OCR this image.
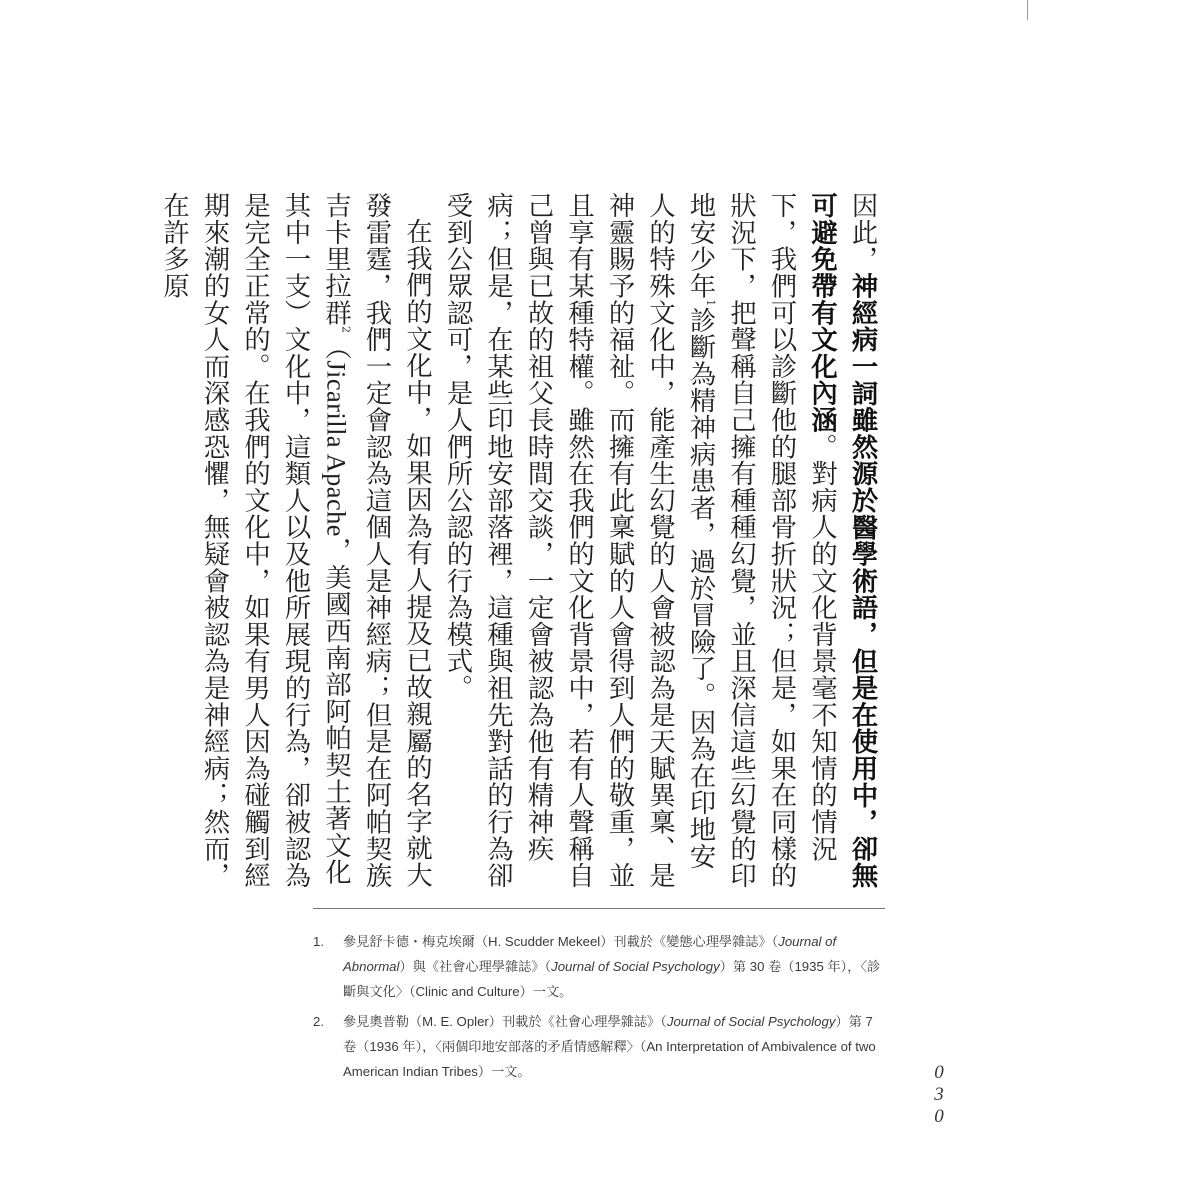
因此，神經病一詞雖然源於醫學術語，但是在使用中，卻無可避免帶有文化內涵。對病人的文化背景毫不知情的情況下，我們可以診斷他的腿部骨折狀況；但是，如果在同樣的狀況下，把聲稱自己擁有種種幻覺，並且深信這些幻覺的印地安少年$^1$診斷為精神病患者，過於冒險了。因為在印地安人的特殊文化中，能產生幻覺的人會被認為是天賦異稟、是神靈賜予的福祉。而擁有此稟賦的人會得到人們的敬重，並且享有某種特權。雖然在我們的文化背景中，若有人聲稱自己曾與已故的祖父長時間交談，一定會被認為他有精神疾病；但是，在某些印地安部落裡，這種與祖先對話的行為卻受到公眾認可，是人們所公認的行為模式。

在我們的文化中，如果因為有人提及已故親屬的名字就大發雷霆，我們一定會認為這個人是神經病；但是在阿帕契族吉卡里拉群$^2$（Jicarilla Apache，美國西南部阿帕契土著文化其中一支）文化中，這類人以及他所展現的行為，卻被認為是完全正常的。在我們的文化中，如果有男人因為碰觸到經期來潮的女人而深感恐懼，無疑會被認為是神經病；然而，在許多原

1.	參見舒卡德・梅克埃爾（H. Scudder Mekeel）刊載於《變態心理學雜誌》（Journal of Abnormal）與《社會心理學雜誌》（Journal of Social Psychology）第 30 卷（1935 年），〈診斷與文化〉（Clinic and Culture）一文。
2.	參見奧普勒（M. E. Opler）刊載於《社會心理學雜誌》（Journal of Social Psychology）第 7 卷（1936 年），〈兩個印地安部落的矛盾情感解釋〉（An Interpretation of Ambivalence of two American Indian Tribes）一文。	0
3
0
